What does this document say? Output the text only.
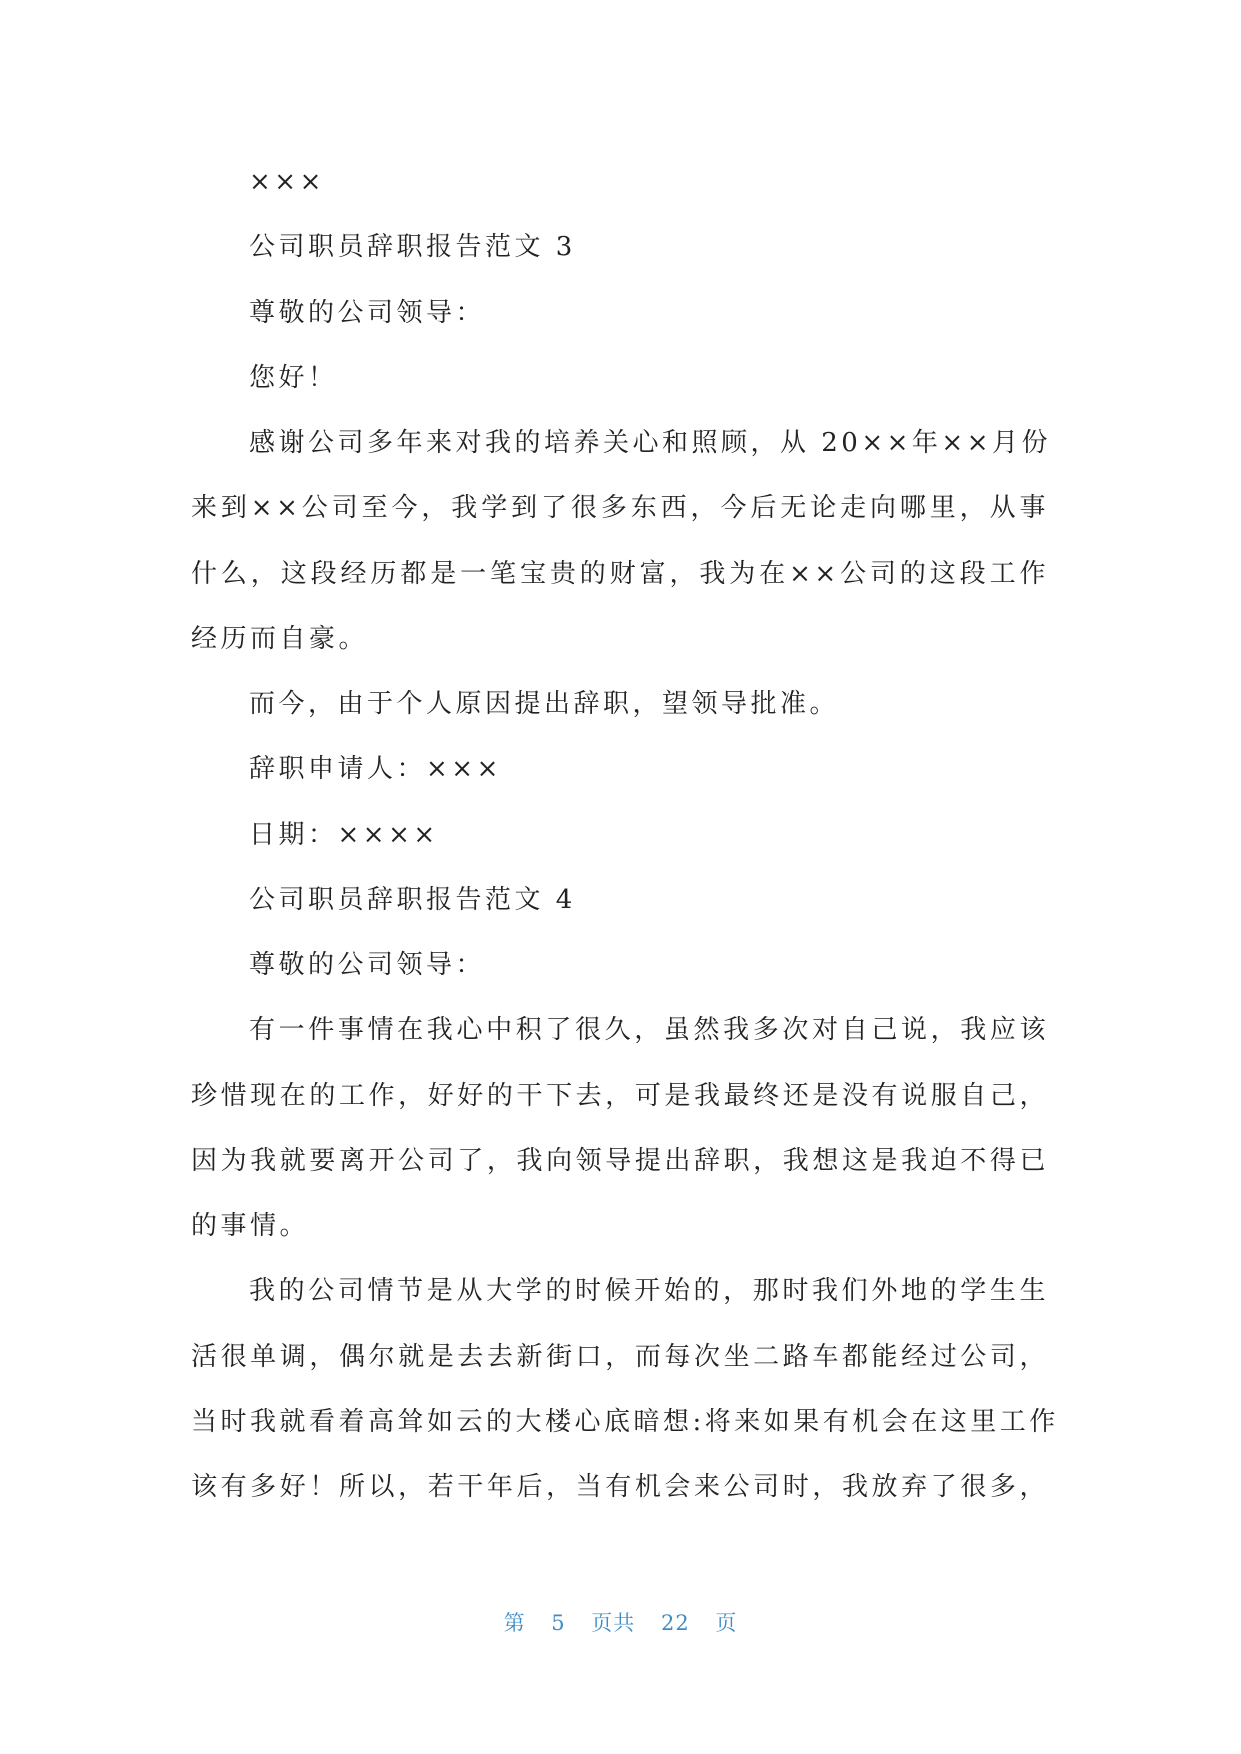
×××
公司职员辞职报告范文 3
尊敬的公司领导：
您好！
感谢公司多年来对我的培养关心和照顾，从 20××年××月份
来到××公司至今，我学到了很多东西，今后无论走向哪里，从事
什么，这段经历都是一笔宝贵的财富，我为在××公司的这段工作
经历而自豪。
而今，由于个人原因提出辞职，望领导批准。
辞职申请人：×××
日期：××××
公司职员辞职报告范文 4
尊敬的公司领导：
有一件事情在我心中积了很久，虽然我多次对自己说，我应该
珍惜现在的工作，好好的干下去，可是我最终还是没有说服自己，
因为我就要离开公司了，我向领导提出辞职，我想这是我迫不得已
的事情。
我的公司情节是从大学的时候开始的，那时我们外地的学生生
活很单调，偶尔就是去去新街口，而每次坐二路车都能经过公司，
当时我就看着高耸如云的大楼心底暗想:将来如果有机会在这里工作
该有多好！所以，若干年后，当有机会来公司时，我放弃了很多，
第 5 页共 22 页
